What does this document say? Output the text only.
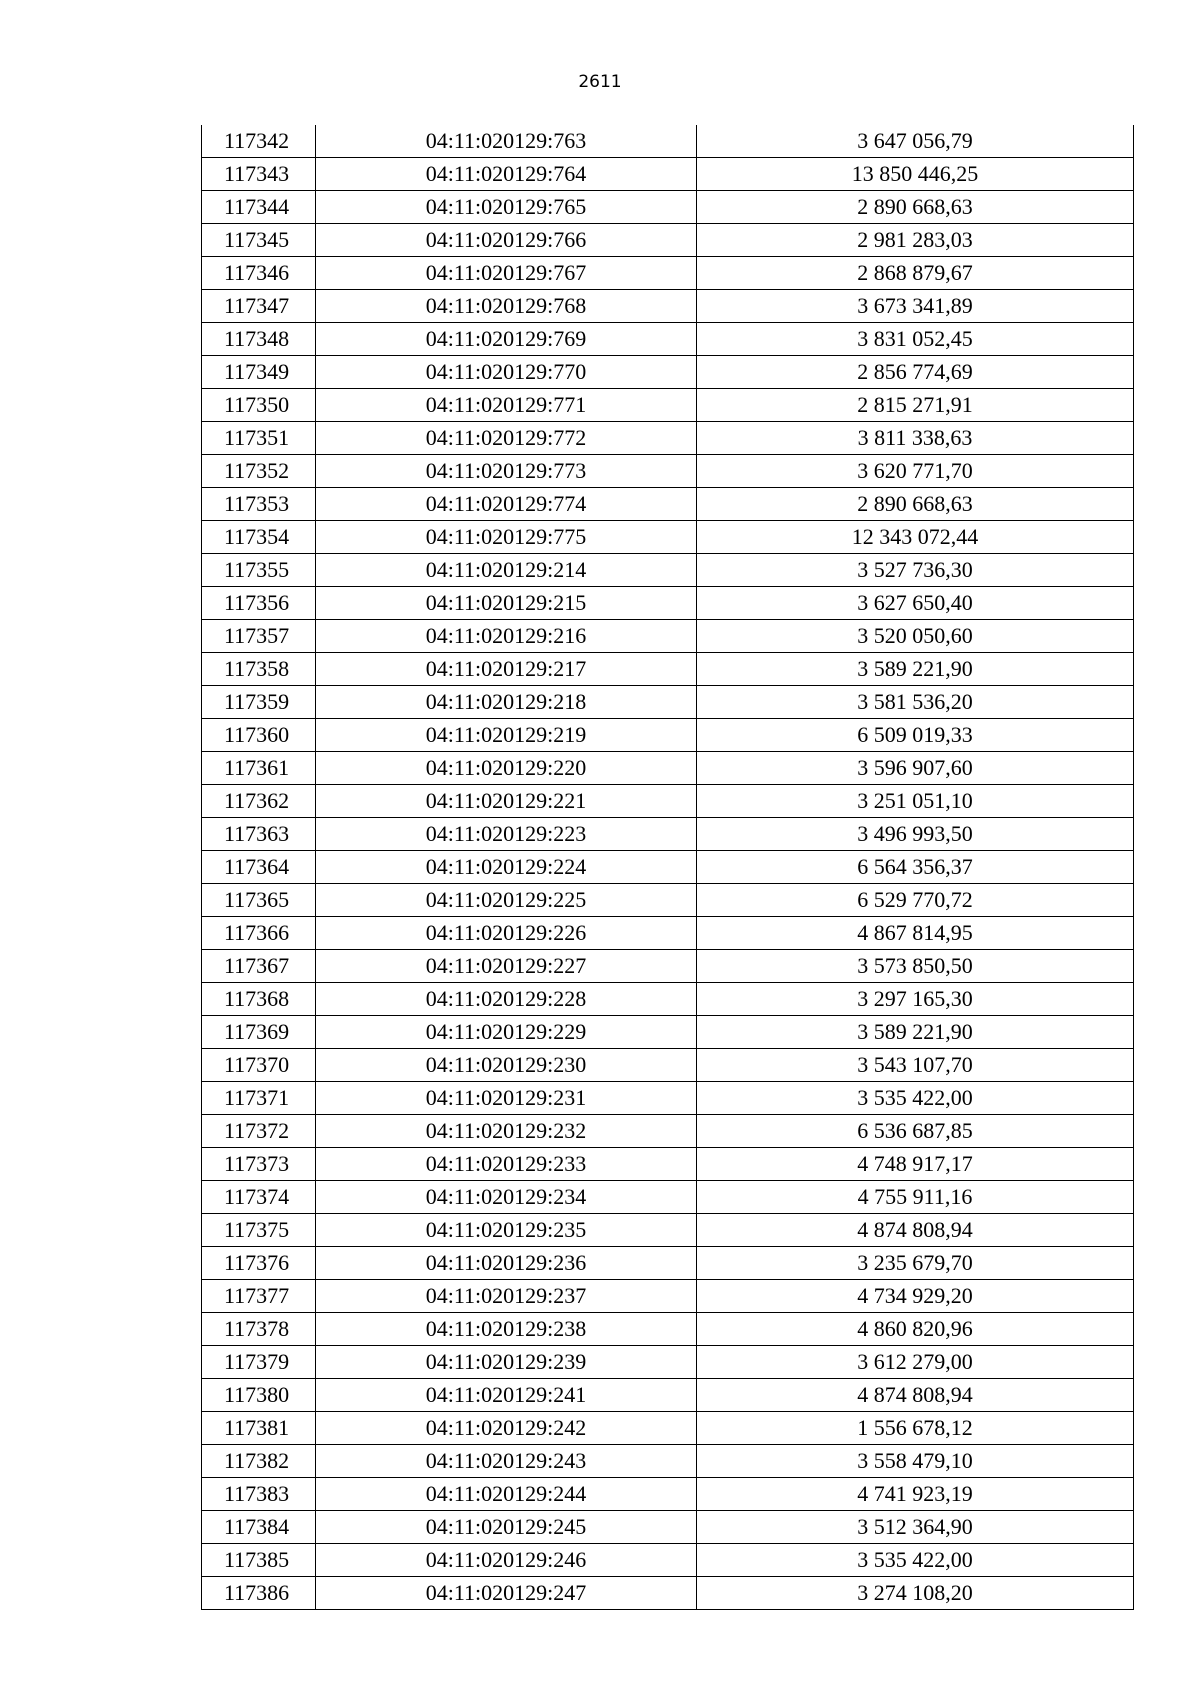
2611
117342	04:11:020129:763	3 647 056,79
117343	04:11:020129:764	13 850 446,25
117344	04:11:020129:765	2 890 668,63
117345	04:11:020129:766	2 981 283,03
117346	04:11:020129:767	2 868 879,67
117347	04:11:020129:768	3 673 341,89
117348	04:11:020129:769	3 831 052,45
117349	04:11:020129:770	2 856 774,69
117350	04:11:020129:771	2 815 271,91
117351	04:11:020129:772	3 811 338,63
117352	04:11:020129:773	3 620 771,70
117353	04:11:020129:774	2 890 668,63
117354	04:11:020129:775	12 343 072,44
117355	04:11:020129:214	3 527 736,30
117356	04:11:020129:215	3 627 650,40
117357	04:11:020129:216	3 520 050,60
117358	04:11:020129:217	3 589 221,90
117359	04:11:020129:218	3 581 536,20
117360	04:11:020129:219	6 509 019,33
117361	04:11:020129:220	3 596 907,60
117362	04:11:020129:221	3 251 051,10
117363	04:11:020129:223	3 496 993,50
117364	04:11:020129:224	6 564 356,37
117365	04:11:020129:225	6 529 770,72
117366	04:11:020129:226	4 867 814,95
117367	04:11:020129:227	3 573 850,50
117368	04:11:020129:228	3 297 165,30
117369	04:11:020129:229	3 589 221,90
117370	04:11:020129:230	3 543 107,70
117371	04:11:020129:231	3 535 422,00
117372	04:11:020129:232	6 536 687,85
117373	04:11:020129:233	4 748 917,17
117374	04:11:020129:234	4 755 911,16
117375	04:11:020129:235	4 874 808,94
117376	04:11:020129:236	3 235 679,70
117377	04:11:020129:237	4 734 929,20
117378	04:11:020129:238	4 860 820,96
117379	04:11:020129:239	3 612 279,00
117380	04:11:020129:241	4 874 808,94
117381	04:11:020129:242	1 556 678,12
117382	04:11:020129:243	3 558 479,10
117383	04:11:020129:244	4 741 923,19
117384	04:11:020129:245	3 512 364,90
117385	04:11:020129:246	3 535 422,00
117386	04:11:020129:247	3 274 108,20
